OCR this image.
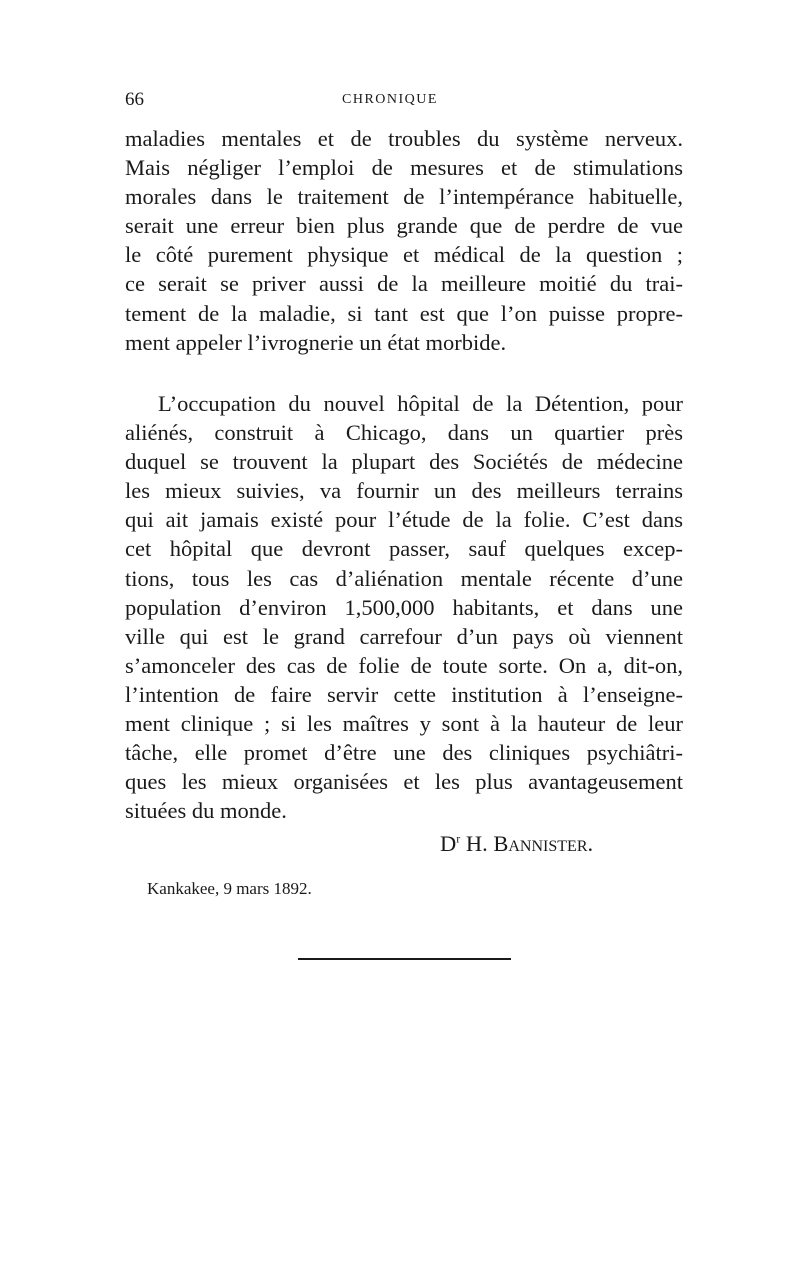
66	CHRONIQUE
maladies mentales et de troubles du système nerveux.
Mais négliger l’emploi de mesures et de stimulations
morales dans le traitement de l’intempérance habituelle,
serait une erreur bien plus grande que de perdre de vue
le côté purement physique et médical de la question ;
ce serait se priver aussi de la meilleure moitié du trai-
tement de la maladie, si tant est que l’on puisse propre-
ment appeler l’ivrognerie un état morbide.
L’occupation du nouvel hôpital de la Détention, pour
aliénés, construit à Chicago, dans un quartier près
duquel se trouvent la plupart des Sociétés de médecine
les mieux suivies, va fournir un des meilleurs terrains
qui ait jamais existé pour l’étude de la folie. C’est dans
cet hôpital que devront passer, sauf quelques excep-
tions, tous les cas d’aliénation mentale récente d’une
population d’environ 1,500,000 habitants, et dans une
ville qui est le grand carrefour d’un pays où viennent
s’amonceler des cas de folie de toute sorte. On a, dit-on,
l’intention de faire servir cette institution à l’enseigne-
ment clinique ; si les maîtres y sont à la hauteur de leur
tâche, elle promet d’être une des cliniques psychiâtri-
ques les mieux organisées et les plus avantageusement
situées du monde.
$D^r$ H. Bannister.
Kankakee, 9 mars 1892.
